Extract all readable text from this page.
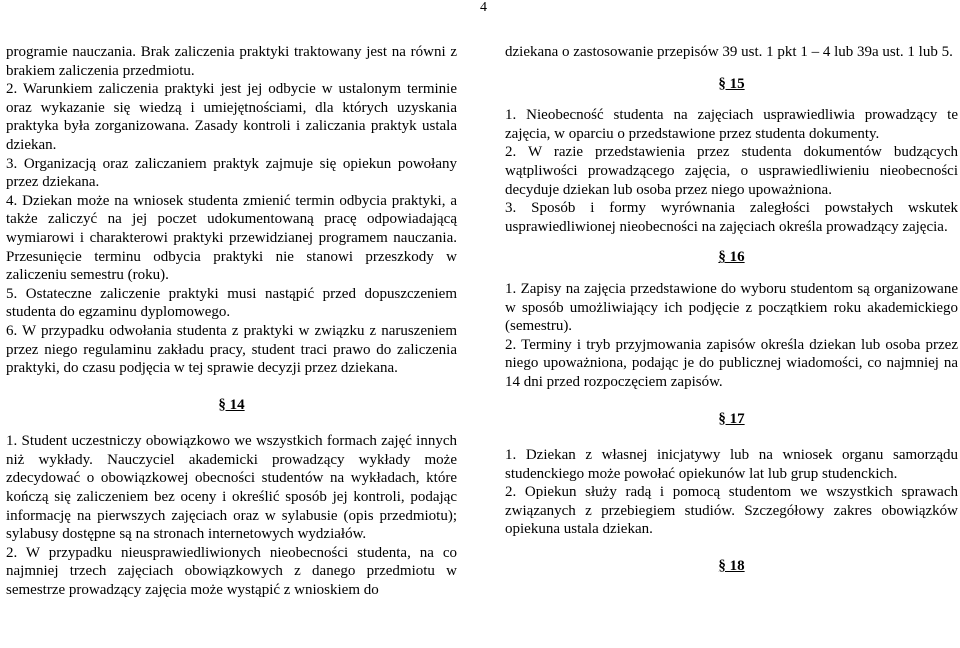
4

programie nauczania. Brak zaliczenia praktyki traktowany jest na równi z brakiem zaliczenia przedmiotu.

2. Warunkiem zaliczenia praktyki jest jej odbycie w ustalonym terminie oraz wykazanie się wiedzą i umiejętnościami, dla których uzyskania praktyka była zorganizowana. Zasady kontroli i zaliczania praktyk ustala dziekan.

3. Organizacją oraz zaliczaniem praktyk zajmuje się opiekun powołany przez dziekana.

4. Dziekan może na wniosek studenta zmienić termin odbycia praktyki, a także zaliczyć na jej poczet udokumentowaną pracę odpowiadającą wymiarowi i charakterowi praktyki przewidzianej programem nauczania. Przesunięcie terminu odbycia praktyki nie stanowi przeszkody w zaliczeniu semestru (roku).

5. Ostateczne zaliczenie praktyki musi nastąpić przed dopuszczeniem studenta do egzaminu dyplomowego.

6. W przypadku odwołania studenta z praktyki w związku z naruszeniem przez niego regulaminu zakładu pracy, student traci prawo do zaliczenia praktyki, do czasu podjęcia w tej sprawie decyzji przez dziekana.

§ 14

1. Student uczestniczy obowiązkowo we wszystkich formach zajęć innych niż wykłady. Nauczyciel akademicki prowadzący wykłady może zdecydować o obowiązkowej obecności studentów na wykładach, które kończą się zaliczeniem bez oceny i określić sposób jej kontroli, podając informację na pierwszych zajęciach oraz w sylabusie (opis przedmiotu); sylabusy dostępne są na stronach internetowych wydziałów.

2. W przypadku nieusprawiedliwionych nieobecności studenta, na co najmniej trzech zajęciach obowiązkowych z danego przedmiotu w semestrze prowadzący zajęcia może wystąpić z wnioskiem do

dziekana o zastosowanie przepisów 39 ust. 1 pkt 1 – 4 lub 39a ust. 1 lub 5.

§ 15

1. Nieobecność studenta na zajęciach usprawiedliwia prowadzący te zajęcia, w oparciu o przedstawione przez studenta dokumenty.

2. W razie przedstawienia przez studenta dokumentów budzących wątpliwości prowadzącego zajęcia, o usprawiedliwieniu nieobecności decyduje dziekan lub osoba przez niego upoważniona.

3. Sposób i formy wyrównania zaległości powstałych wskutek usprawiedliwionej nieobecności na zajęciach określa prowadzący zajęcia.

§ 16

1. Zapisy na zajęcia przedstawione do wyboru studentom są organizowane w sposób umożliwiający ich podjęcie z początkiem roku akademickiego (semestru).

2. Terminy i tryb przyjmowania zapisów określa dziekan lub osoba przez niego upoważniona, podając je do publicznej wiadomości, co najmniej na 14 dni przed rozpoczęciem zapisów.

§ 17

1. Dziekan z własnej inicjatywy lub na wniosek organu samorządu studenckiego może powołać opiekunów lat lub grup studenckich.

2. Opiekun służy radą i pomocą studentom we wszystkich sprawach związanych z przebiegiem studiów. Szczegółowy zakres obowiązków opiekuna ustala dziekan.

§ 18
